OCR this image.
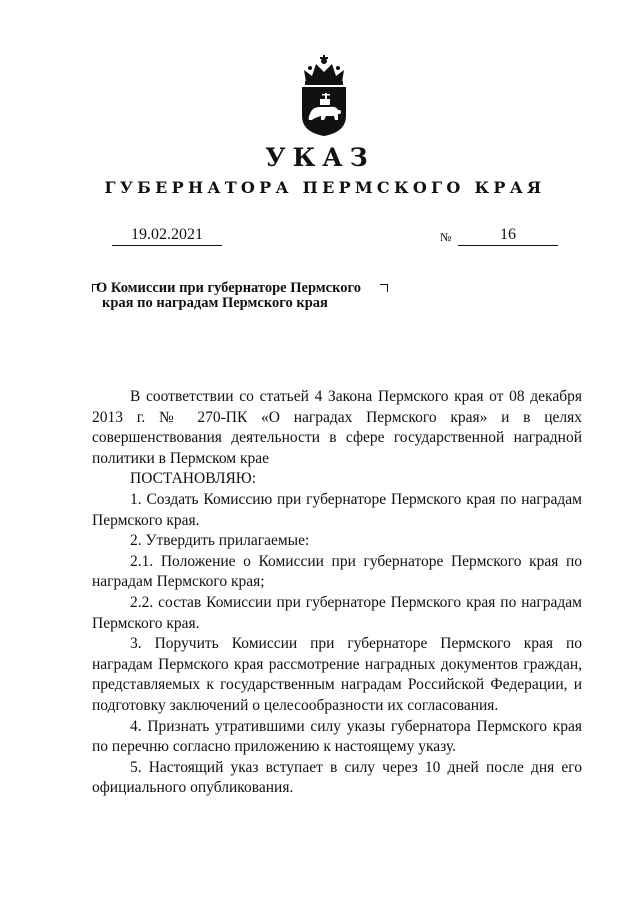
УКАЗ
ГУБЕРНАТОРА ПЕРМСКОГО КРАЯ
19.02.2021	№	16
О Комиссии при губернаторе Пермского
края по наградам Пермского края

В соответствии со статьей 4 Закона Пермского края от 08 декабря 2013 г. № 270-ПК «О наградах Пермского края» и в целях совершенствования деятельности в сфере государственной наградной политики в Пермском крае

ПОСТАНОВЛЯЮ:

1. Создать Комиссию при губернаторе Пермского края по наградам Пермского края.

2. Утвердить прилагаемые:

2.1. Положение о Комиссии при губернаторе Пермского края по наградам Пермского края;

2.2. состав Комиссии при губернаторе Пермского края по наградам Пермского края.

3. Поручить Комиссии при губернаторе Пермского края по наградам Пермского края рассмотрение наградных документов граждан, представляемых к государственным наградам Российской Федерации, и подготовку заключений о целесообразности их согласования.

4. Признать утратившими силу указы губернатора Пермского края по перечню согласно приложению к настоящему указу.

5. Настоящий указ вступает в силу через 10 дней после дня его официального опубликования.
